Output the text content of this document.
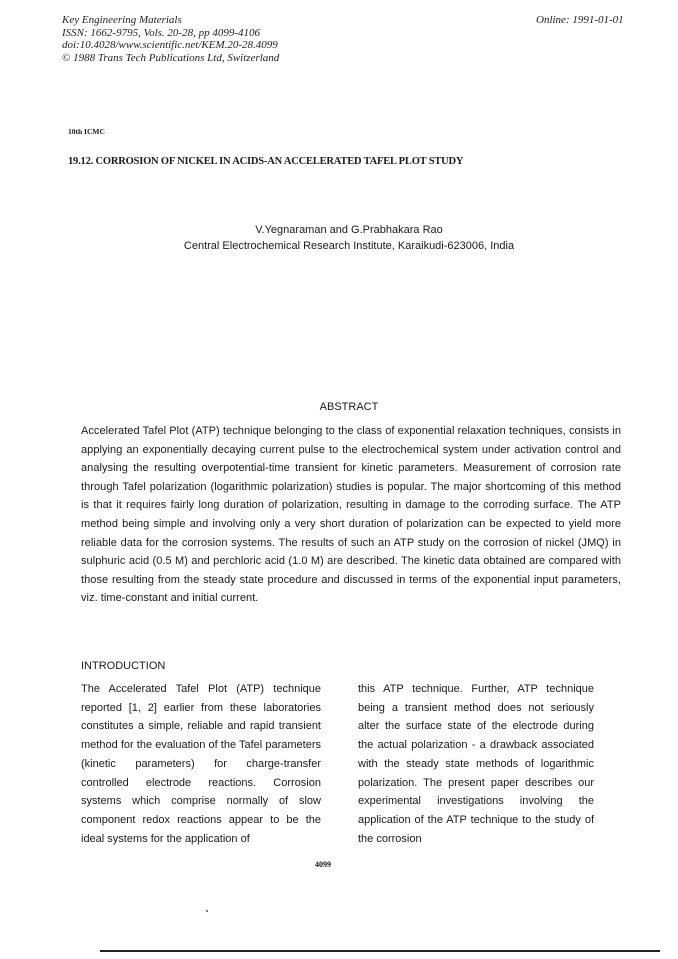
Key Engineering Materials
ISSN: 1662-9795, Vols. 20-28, pp 4099-4106
doi:10.4028/www.scientific.net/KEM.20-28.4099
© 1988 Trans Tech Publications Ltd, Switzerland
Online: 1991-01-01
10th ICMC
19.12. CORROSION OF NICKEL IN ACIDS-AN ACCELERATED TAFEL PLOT STUDY
V.Yegnaraman and G.Prabhakara Rao
Central Electrochemical Research Institute, Karaikudi-623006, India
ABSTRACT
Accelerated Tafel Plot (ATP) technique belonging to the class of exponential relaxation techniques, consists in applying an exponentially decaying current pulse to the electrochemical system under activation control and analysing the resulting overpotential-time transient for kinetic parameters. Measurement of corrosion rate through Tafel polarization (logarithmic polarization) studies is popular. The major shortcoming of this method is that it requires fairly long duration of polarization, resulting in damage to the corroding surface. The ATP method being simple and involving only a very short duration of polarization can be expected to yield more reliable data for the corrosion systems. The results of such an ATP study on the corrosion of nickel (JMQ) in sulphuric acid (0.5 M) and perchloric acid (1.0 M) are described. The kinetic data obtained are compared with those resulting from the steady state procedure and discussed in terms of the exponential input parameters, viz. time-constant and initial current.
INTRODUCTION
The Accelerated Tafel Plot (ATP) technique reported [1, 2] earlier from these laboratories constitutes a simple, reliable and rapid transient method for the evaluation of the Tafel parameters (kinetic parameters) for charge-transfer controlled electrode reactions. Corrosion systems which comprise normally of slow component redox reactions appear to be the ideal systems for the application of
this ATP technique. Further, ATP technique being a transient method does not seriously alter the surface state of the electrode during the actual polarization - a drawback associated with the steady state methods of logarithmic polarization. The present paper describes our experimental investigations involving the application of the ATP technique to the study of the corrosion
4099
